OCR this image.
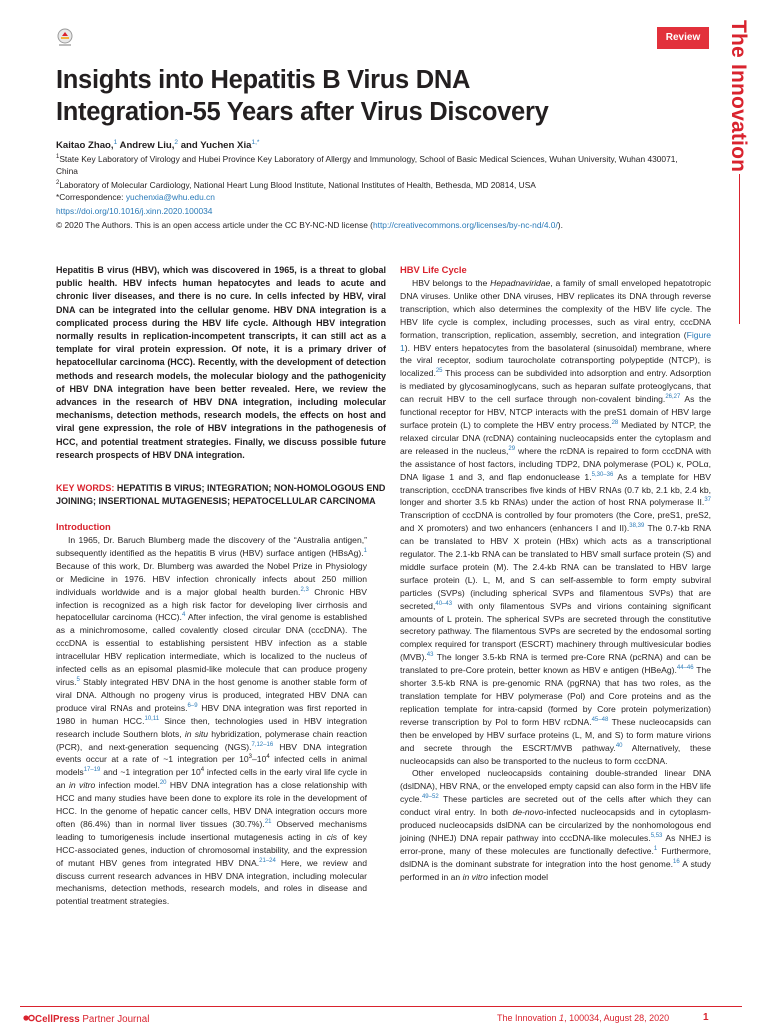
Review	The Innovation
Insights into Hepatitis B Virus DNA
Integration-55 Years after Virus Discovery
Kaitao Zhao,$^1$ Andrew Liu,$^2$ and Yuchen Xia$^{1,*}$
$^1$State Key Laboratory of Virology and Hubei Province Key Laboratory of Allergy and Immunology, School of Basic Medical Sciences, Wuhan University, Wuhan 430071, China
$^2$Laboratory of Molecular Cardiology, National Heart Lung Blood Institute, National Institutes of Health, Bethesda, MD 20814, USA
*Correspondence: yuchenxia@whu.edu.cn
https://doi.org/10.1016/j.xinn.2020.100034
© 2020 The Authors. This is an open access article under the CC BY-NC-ND license (http://creativecommons.org/licenses/by-nc-nd/4.0/).
Hepatitis B virus (HBV), which was discovered in 1965, is a threat to global public health. HBV infects human hepatocytes and leads to acute and chronic liver diseases, and there is no cure. In cells infected by HBV, viral DNA can be integrated into the cellular genome. HBV DNA integration is a complicated process during the HBV life cycle. Although HBV integration normally results in replication-incompetent transcripts, it can still act as a template for viral protein expression. Of note, it is a primary driver of hepatocellular carcinoma (HCC). Recently, with the development of detection methods and research models, the molecular biology and the pathogenicity of HBV DNA integration have been better revealed. Here, we review the advances in the research of HBV DNA integration, including molecular mechanisms, detection methods, research models, the effects on host and viral gene expression, the role of HBV integrations in the pathogenesis of HCC, and potential treatment strategies. Finally, we discuss possible future research prospects of HBV DNA integration.
KEY WORDS: HEPATITIS B VIRUS; INTEGRATION; NON-HOMOLOGOUS END JOINING; INSERTIONAL MUTAGENESIS; HEPATOCELLULAR CARCINOMA
Introduction
HBV Life Cycle

In 1965, Dr. Baruch Blumberg made the discovery of the “Australia antigen,” subsequently identified as the hepatitis B virus (HBV) surface antigen (HBsAg).$^1$ Because of this work, Dr. Blumberg was awarded the Nobel Prize in Physiology or Medicine in 1976. HBV infection chronically infects about 250 million individuals worldwide and is a major global health burden.$^{2,3}$ Chronic HBV infection is recognized as a high risk factor for developing liver cirrhosis and hepatocellular carcinoma (HCC).$^4$ After infection, the viral genome is established as a minichromosome, called covalently closed circular DNA (cccDNA). The cccDNA is essential to establishing persistent HBV infection as a stable intracellular HBV replication intermediate, which is localized to the nucleus of infected cells as an episomal plasmid-like molecule that can produce progeny virus.$^5$ Stably integrated HBV DNA in the host genome is another stable form of viral DNA. Although no progeny virus is produced, integrated HBV DNA can produce viral RNAs and proteins.$^{6-9}$ HBV DNA integration was first reported in 1980 in human HCC.$^{10,11}$ Since then, technologies used in HBV integration research include Southern blots, in situ hybridization, polymerase chain reaction (PCR), and next-generation sequencing (NGS).$^{7,12-16}$ HBV DNA integration events occur at a rate of ~1 integration per $10^3-10^4$ infected cells in animal models$^{17-19}$ and ~1 integration per $10^4$ infected cells in the early viral life cycle in an in vitro infection model.$^{20}$ HBV DNA integration has a close relationship with HCC and many studies have been done to explore its role in the development of HCC. In the genome of hepatic cancer cells, HBV DNA integration occurs more often (86.4%) than in normal liver tissues (30.7%).$^{21}$ Observed mechanisms leading to tumorigenesis include insertional mutagenesis acting in cis of key HCC-associated genes, induction of chromosomal instability, and the expression of mutant HBV genes from integrated HBV DNA.$^{21-24}$ Here, we review and discuss current research advances in HBV DNA integration, including molecular mechanisms, detection methods, research models, and roles in disease and potential treatment strategies.

HBV belongs to the Hepadnaviridae, a family of small enveloped hepatotropic DNA viruses. Unlike other DNA viruses, HBV replicates its DNA through reverse transcription, which also determines the complexity of the HBV life cycle. The HBV life cycle is complex, including processes, such as viral entry, cccDNA formation, transcription, replication, assembly, secretion, and integration (Figure 1). HBV enters hepatocytes from the basolateral (sinusoidal) membrane, where the viral receptor, sodium taurocholate cotransporting polypeptide (NTCP), is localized.$^{25}$ This process can be subdivided into adsorption and entry. Adsorption is mediated by glycosaminoglycans, such as heparan sulfate proteoglycans, that can recruit HBV to the cell surface through non-covalent binding.$^{26,27}$ As the functional receptor for HBV, NTCP interacts with the preS1 domain of HBV large surface protein (L) to complete the HBV entry process.$^{28}$ Mediated by NTCP, the relaxed circular DNA (rcDNA) containing nucleocapsids enter the cytoplasm and are released in the nucleus,$^{29}$ where the rcDNA is repaired to form cccDNA with the assistance of host factors, including TDP2, DNA polymerase (POL) κ, POLα, DNA ligase 1 and 3, and flap endonuclease 1.$^{5,30-36}$ As a template for HBV transcription, cccDNA transcribes five kinds of HBV RNAs (0.7 kb, 2.1 kb, 2.4 kb, longer and shorter 3.5 kb RNAs) under the action of host RNA polymerase II.$^{37}$ Transcription of cccDNA is controlled by four promoters (the Core, preS1, preS2, and X promoters) and two enhancers (enhancers I and II).$^{38,39}$ The 0.7-kb RNA can be translated to HBV X protein (HBx) which acts as a transcriptional regulator. The 2.1-kb RNA can be translated to HBV small surface protein (S) and middle surface protein (M). The 2.4-kb RNA can be translated to HBV large surface protein (L). L, M, and S can self-assemble to form empty subviral particles (SVPs) (including spherical SVPs and filamentous SVPs) that are secreted,$^{40-43}$ with only filamentous SVPs and virions containing significant amounts of L protein. The spherical SVPs are secreted through the constitutive secretory pathway. The filamentous SVPs are secreted by the endosomal sorting complex required for transport (ESCRT) machinery through multivesicular bodies (MVB).$^{43}$ The longer 3.5-kb RNA is termed pre-Core RNA (pcRNA) and can be translated to pre-Core protein, better known as HBV e antigen (HBeAg).$^{44-46}$ The shorter 3.5-kb RNA is pre-genomic RNA (pgRNA) that has two roles, as the translation template for HBV polymerase (Pol) and Core proteins and as the replication template for intra-capsid (formed by Core protein polymerization) reverse transcription by Pol to form HBV rcDNA.$^{45-48}$ These nucleocapsids can then be enveloped by HBV surface proteins (L, M, and S) to form mature virions and secrete through the ESCRT/MVB pathway.$^{40}$ Alternatively, these nucleocapsids can also be transported to the nucleus to form cccDNA.

Other enveloped nucleocapsids containing double-stranded linear DNA (dslDNA), HBV RNA, or the enveloped empty capsid can also form in the HBV life cycle.$^{49-52}$ These particles are secreted out of the cells after which they can conduct viral entry. In both de-novo-infected nucleocapsids and in cytoplasm-produced nucleocapsids dslDNA can be circularized by the nonhomologous end joining (NHEJ) DNA repair pathway into cccDNA-like molecules.$^{5,53}$ As NHEJ is error-prone, many of these molecules are functionally defective.$^1$ Furthermore, dslDNA is the dominant substrate for integration into the host genome.$^{16}$ A study performed in an in vitro infection model

CellPress Partner Journal	The Innovation 1, 100034, August 28, 2020	1
